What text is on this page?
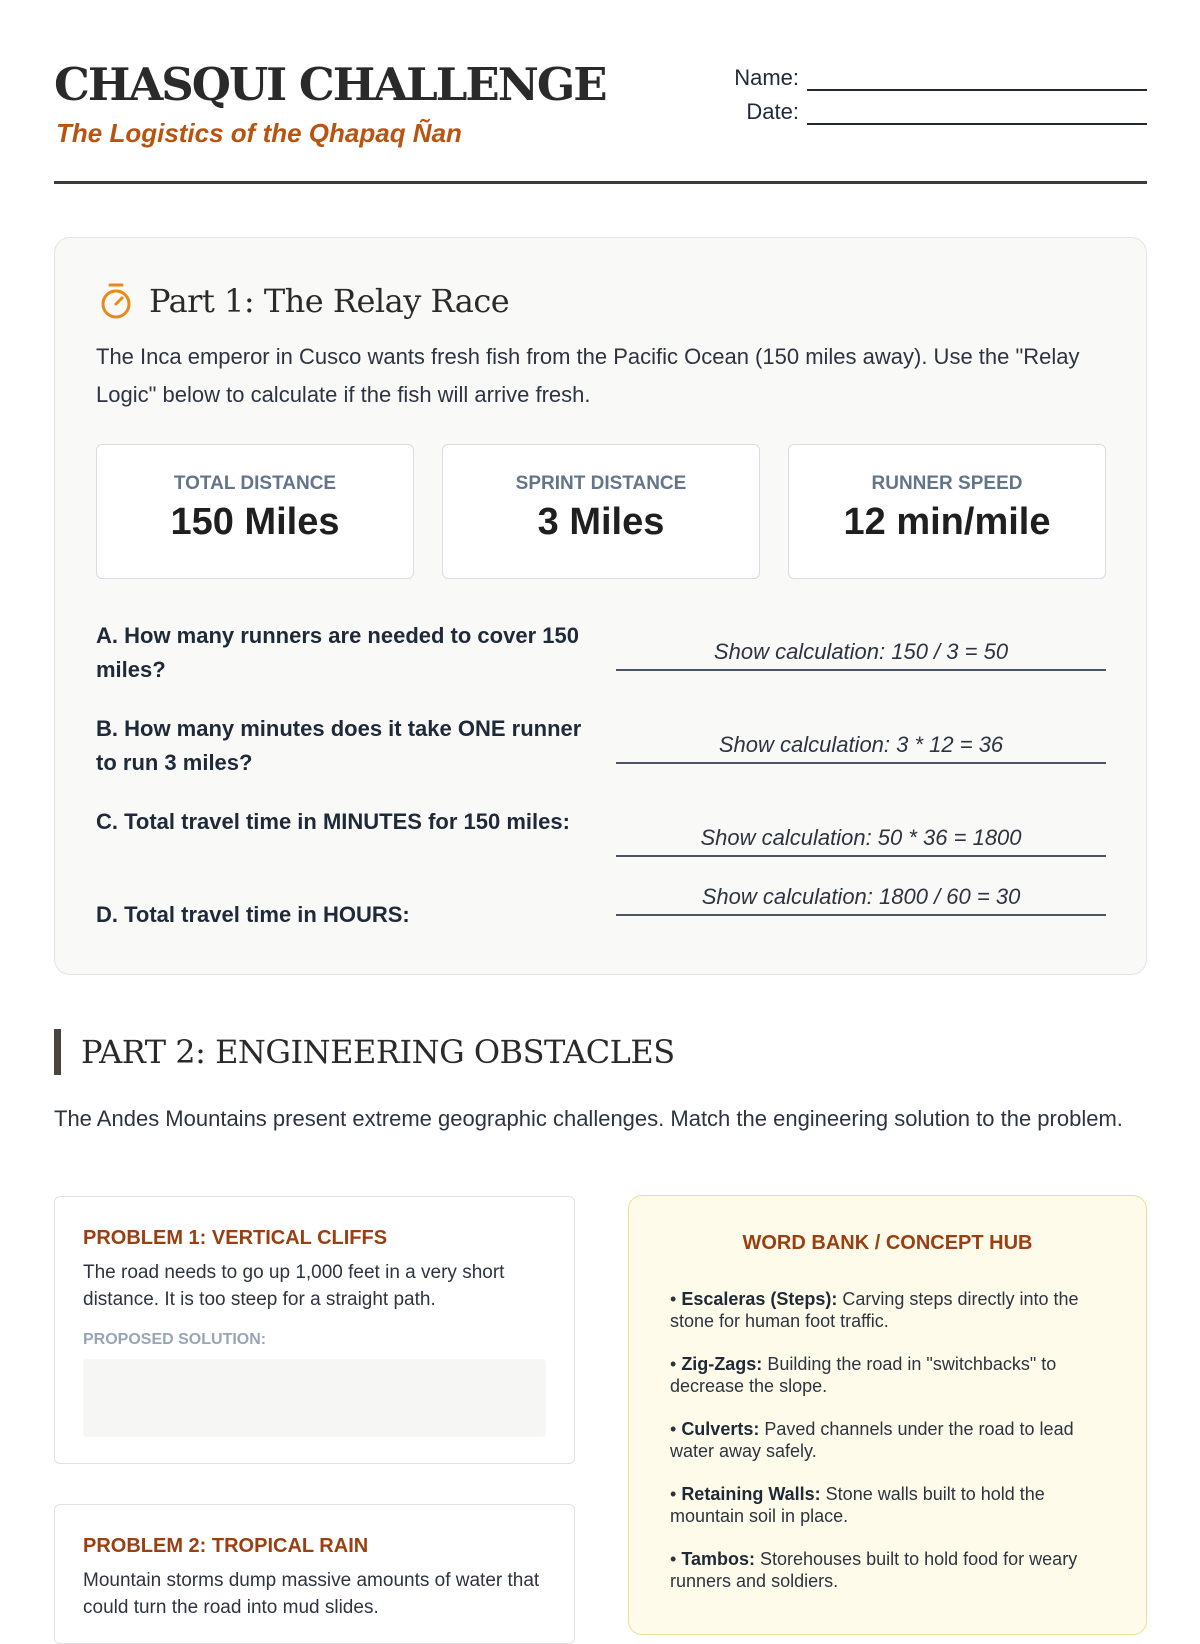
CHASQUI CHALLENGE
The Logistics of the Qhapaq Ñan
Name:
Date:
Part 1: The Relay Race
The Inca emperor in Cusco wants fresh fish from the Pacific Ocean (150 miles away). Use the "Relay Logic" below to calculate if the fish will arrive fresh.
TOTAL DISTANCE
150 Miles
SPRINT DISTANCE
3 Miles
RUNNER SPEED
12 min/mile
A. How many runners are needed to cover 150 miles?
Show calculation: 150 / 3 = 50
B. How many minutes does it take ONE runner to run 3 miles?
Show calculation: 3 * 12 = 36
C. Total travel time in MINUTES for 150 miles:
Show calculation: 50 * 36 = 1800
D. Total travel time in HOURS:
Show calculation: 1800 / 60 = 30
PART 2: ENGINEERING OBSTACLES
The Andes Mountains present extreme geographic challenges. Match the engineering solution to the problem.
PROBLEM 1: VERTICAL CLIFFS
The road needs to go up 1,000 feet in a very short distance. It is too steep for a straight path.
PROPOSED SOLUTION:
PROBLEM 2: TROPICAL RAIN
Mountain storms dump massive amounts of water that could turn the road into mud slides.
WORD BANK / CONCEPT HUB
• Escaleras (Steps): Carving steps directly into the stone for human foot traffic.
• Zig-Zags: Building the road in "switchbacks" to decrease the slope.
• Culverts: Paved channels under the road to lead water away safely.
• Retaining Walls: Stone walls built to hold the mountain soil in place.
• Tambos: Storehouses built to hold food for weary runners and soldiers.
